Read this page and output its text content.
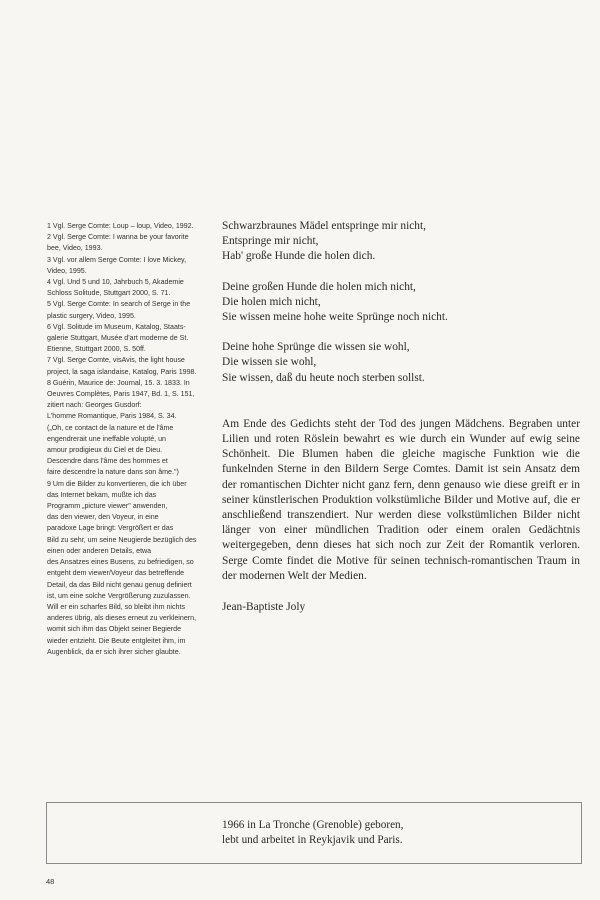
1 Vgl. Serge Comte: Loup – loup, Video, 1992.

2 Vgl. Serge Comte: I wanna be your favorite
bee, Video, 1993.

3 Vgl. vor allem Serge Comte: I love Mickey,
Video, 1995.

4 Vgl. Und 5 und 10, Jahrbuch 5, Akademie
Schloss Solitude, Stuttgart 2000, S. 71.

5 Vgl. Serge Comte: In search of Serge in the
plastic surgery, Video, 1995.

6 Vgl. Solitude im Museum, Katalog, Staats-
galerie Stuttgart, Musée d'art moderne de St.
Etienne, Stuttgart 2000, S. 50ff.

7 Vgl. Serge Comte, visAvis, the light house
project, la saga islandaise, Katalog, Paris 1998.

8 Guérin, Maurice de: Journal, 15. 3. 1833. In
Oeuvres Complètes, Paris 1947, Bd. 1, S. 151,
zitiert nach: Georges Gusdorf:
L'homme Romantique, Paris 1984, S. 34.
(„Oh, ce contact de la nature et de l'âme
engendrerait une ineffable volupté, un
amour prodigieux du Ciel et de Dieu.
Descendre dans l'âme des hommes et
faire descendre la nature dans son âme.")

9 Um die Bilder zu konvertieren, die ich über
das Internet bekam, mußte ich das
Programm „picture viewer" anwenden,
das den viewer, den Voyeur, in eine
paradoxe Lage bringt: Vergrößert er das
Bild zu sehr, um seine Neugierde bezüglich des
einen oder anderen Details, etwa
des Ansatzes eines Busens, zu befriedigen, so
entgeht dem viewer/Voyeur das betreffende
Detail, da das Bild nicht genau genug definiert
ist, um eine solche Vergrößerung zuzulassen.
Will er ein scharfes Bild, so bleibt ihm nichts
anderes übrig, als dieses erneut zu verkleinern,
womit sich ihm das Objekt seiner Begierde
wieder entzieht. Die Beute entgleitet ihm, im
Augenblick, da er sich ihrer sicher glaubte.

Schwarzbraunes Mädel entspringe mir nicht,
Entspringe mir nicht,
Hab' große Hunde die holen dich.

Deine großen Hunde die holen mich nicht,
Die holen mich nicht,
Sie wissen meine hohe weite Sprünge noch nicht.

Deine hohe Sprünge die wissen sie wohl,
Die wissen sie wohl,
Sie wissen, daß du heute noch sterben sollst.

Am Ende des Gedichts steht der Tod des jungen Mädchens. Begraben unter Lilien und roten Röslein bewahrt es wie durch ein Wunder auf ewig seine Schönheit. Die Blumen haben die gleiche magische Funktion wie die funkelnden Sterne in den Bildern Serge Comtes. Damit ist sein Ansatz dem der romantischen Dichter nicht ganz fern, denn genauso wie diese greift er in seiner künstlerischen Produktion volkstümliche Bilder und Motive auf, die er anschließend transzendiert. Nur werden diese volkstümlichen Bilder nicht länger von einer mündlichen Tradition oder einem oralen Gedächtnis weitergegeben, denn dieses hat sich noch zur Zeit der Romantik verloren. Serge Comte findet die Motive für seinen technisch-romantischen Traum in der modernen Welt der Medien.

Jean-Baptiste Joly

1966 in La Tronche (Grenoble) geboren,
lebt und arbeitet in Reykjavik und Paris.
48
